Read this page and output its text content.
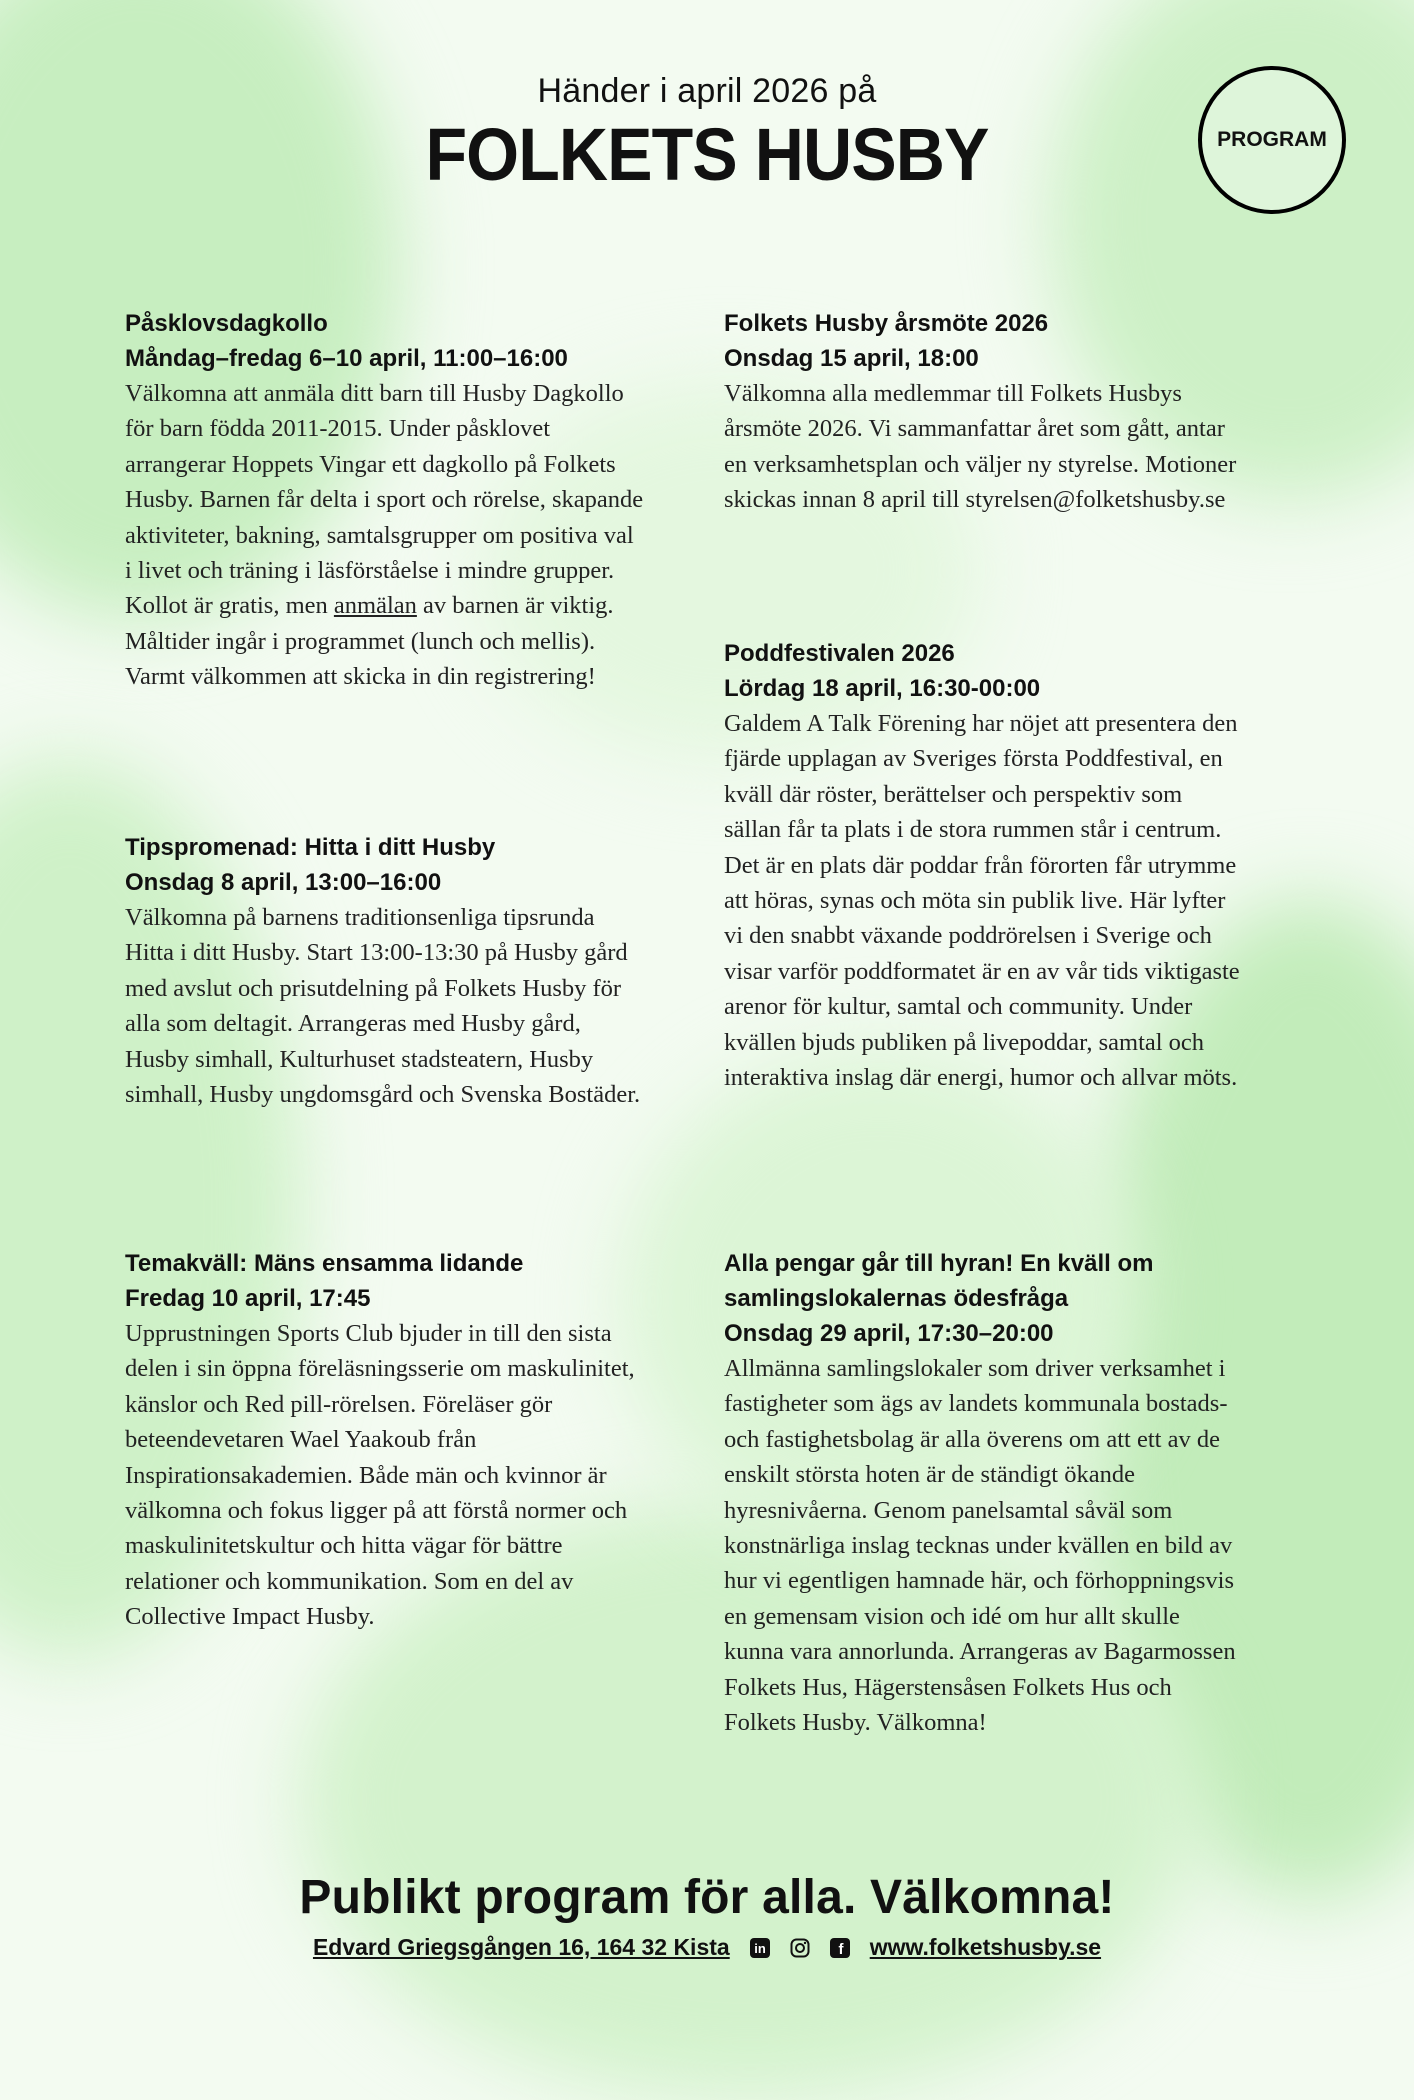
Händer i april 2026 på
FOLKETS HUSBY	PROGRAM
Påsklovsdagkollo
Måndag–fredag 6–10 april, 11:00–16:00
Välkomna att anmäla ditt barn till Husby Dagkollo för barn födda 2011-2015. Under påsklovet arrangerar Hoppets Vingar ett dagkollo på Folkets Husby. Barnen får delta i sport och rörelse, skapande aktiviteter, bakning, samtalsgrupper om positiva val i livet och träning i läsförståelse i mindre grupper. Kollot är gratis, men anmälan av barnen är viktig. Måltider ingår i programmet (lunch och mellis). Varmt välkommen att skicka in din registrering!
Tipspromenad: Hitta i ditt Husby
Onsdag 8 april, 13:00–16:00
Välkomna på barnens traditionsenliga tipsrunda Hitta i ditt Husby. Start 13:00-13:30 på Husby gård med avslut och prisutdelning på Folkets Husby för alla som deltagit. Arrangeras med Husby gård, Husby simhall, Kulturhuset stadsteatern, Husby simhall, Husby ungdomsgård och Svenska Bostäder.
Temakväll: Mäns ensamma lidande
Fredag 10 april, 17:45
Upprustningen Sports Club bjuder in till den sista delen i sin öppna föreläsningsserie om maskulinitet, känslor och Red pill-rörelsen. Föreläser gör beteendevetaren Wael Yaakoub från Inspirationsakademien. Både män och kvinnor är välkomna och fokus ligger på att förstå normer och maskulinitetskultur och hitta vägar för bättre relationer och kommunikation. Som en del av Collective Impact Husby.
Folkets Husby årsmöte 2026
Onsdag 15 april, 18:00
Välkomna alla medlemmar till Folkets Husbys årsmöte 2026. Vi sammanfattar året som gått, antar en verksamhetsplan och väljer ny styrelse. Motioner skickas innan 8 april till styrelsen@folketshusby.se
Poddfestivalen 2026
Lördag 18 april, 16:30-00:00
Galdem A Talk Förening har nöjet att presentera den fjärde upplagan av Sveriges första Poddfestival, en kväll där röster, berättelser och perspektiv som sällan får ta plats i de stora rummen står i centrum. Det är en plats där poddar från förorten får utrymme att höras, synas och möta sin publik live. Här lyfter vi den snabbt växande poddrörelsen i Sverige och visar varför poddformatet är en av vår tids viktigaste arenor för kultur, samtal och community. Under kvällen bjuds publiken på livepoddar, samtal och interaktiva inslag där energi, humor och allvar möts.
Alla pengar går till hyran! En kväll om samlingslokalernas ödesfråga
Onsdag 29 april, 17:30–20:00
Allmänna samlingslokaler som driver verksamhet i fastigheter som ägs av landets kommunala bostads- och fastighetsbolag är alla överens om att ett av de enskilt största hoten är de ständigt ökande hyresnivåerna. Genom panelsamtal såväl som konstnärliga inslag tecknas under kvällen en bild av hur vi egentligen hamnade här, och förhoppningsvis en gemensam vision och idé om hur allt skulle kunna vara annorlunda. Arrangeras av Bagarmossen Folkets Hus, Hägerstensåsen Folkets Hus och Folkets Husby. Välkomna!
Publikt program för alla. Välkomna!
Edvard Griegsgången 16, 164 32 Kista in	f www.folketshusby.se
